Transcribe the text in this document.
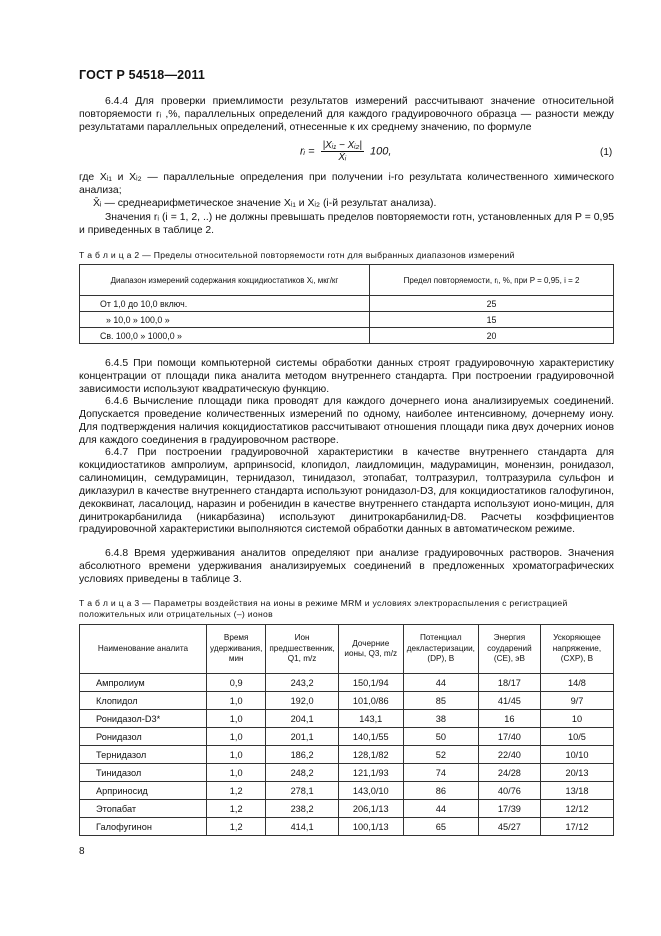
ГОСТ Р 54518—2011
6.4.4 Для проверки приемлимости результатов измерений рассчитывают значение относительной повторяемости rᵢ ,%, параллельных определений для каждого градуировочного образца — разности между результатами параллельных определений, отнесенные к их среднему значению, по формуле
rᵢ = $\frac{\text{|Xᵢ₁ − Xᵢ₂|}}{\text{X̄ᵢ}} 100$,	(1)
где Xᵢ₁ и Xᵢ₂ — параллельные определения при получении i-го результата количественного химического анализа;
X̄ᵢ — среднеарифметическое значение Xᵢ₁ и Xᵢ₂ (i-й результат анализа).
Значения rᵢ (i = 1, 2, ..) не должны превышать пределов повторяемости rотн, установленных для P = 0,95 и приведенных в таблице 2.
Т а б л и ц а 2 — Пределы относительной повторяемости rотн для выбранных диапазонов измерений
Диапазон измерений содержания кокцидиостатиков Xᵢ, мкг/кг	Предел повторяемости, rᵢ, %, при P = 0,95, i = 2
От 1,0 до 10,0 включ.	25
» 10,0 » 100,0 »	15
Св. 100,0 » 1000,0 »	20
6.4.5 При помощи компьютерной системы обработки данных строят градуировочную характеристику концентрации от площади пика аналита методом внутреннего стандарта. При построении градуировочной зависимости используют квадратическую функцию.
6.4.6 Вычисление площади пика проводят для каждого дочернего иона анализируемых соединений. Допускается проведение количественных измерений по одному, наиболее интенсивному, дочернему иону. Для подтверждения наличия кокцидиостатиков рассчитывают отношения площади пика двух дочерних ионов для каждого соединения в градуировочном растворе.
6.4.7 При построении градуировочной характеристики в качестве внутреннего стандарта для кокцидиостатиков ампролиум, арпринsocid, клопидол, лаидломицин, мадурамицин, монензин, ронидазол, салиномицин, семдурамицин, тернидазол, тинидазол, этопабат, толтразурил, толтразурила сульфон и диклазурил в качестве внутреннего стандарта используют ронидазол-D3, для кокцидиостатиков галофугинон, декоквинат, ласалоцид, наразин и робенидин в качестве внутреннего стандарта используют ионо-мицин, для динитрокарбанилида (никарбазина) используют динитрокарбанилид-D8. Расчеты коэффициентов градуировочной характеристики выполняются системой обработки данных в автоматическом режиме.
6.4.8 Время удерживания аналитов определяют при анализе градуировочных растворов. Значения абсолютного времени удерживания анализируемых соединений в предложенных хроматографических условиях приведены в таблице 3.
Т а б л и ц а 3 — Параметры воздействия на ионы в режиме MRM и условиях электрораспыления с регистрацией положительных или отрицательных (–) ионов
Наименование аналита	Время удерживания, мин	Ион предшественник, Q1, m/z	Дочерние ионы, Q3, m/z	Потенциал декластеризации, (DP), В	Энергия соударений (CE), эВ	Ускоряющее напряжение, (CXP), В
Ампролиум	0,9	243,2	150,1/94	44	18/17	14/8
Клопидол	1,0	192,0	101,0/86	85	41/45	9/7
Ронидазол-D3*	1,0	204,1	143,1	38	16	10
Ронидазол	1,0	201,1	140,1/55	50	17/40	10/5
Тернидазол	1,0	186,2	128,1/82	52	22/40	10/10
Тинидазол	1,0	248,2	121,1/93	74	24/28	20/13
Арпринocид	1,2	278,1	143,0/10	86	40/76	13/18
Этопабат	1,2	238,2	206,1/13	44	17/39	12/12
Галофугинон	1,2	414,1	100,1/13	65	45/27	17/12
8
